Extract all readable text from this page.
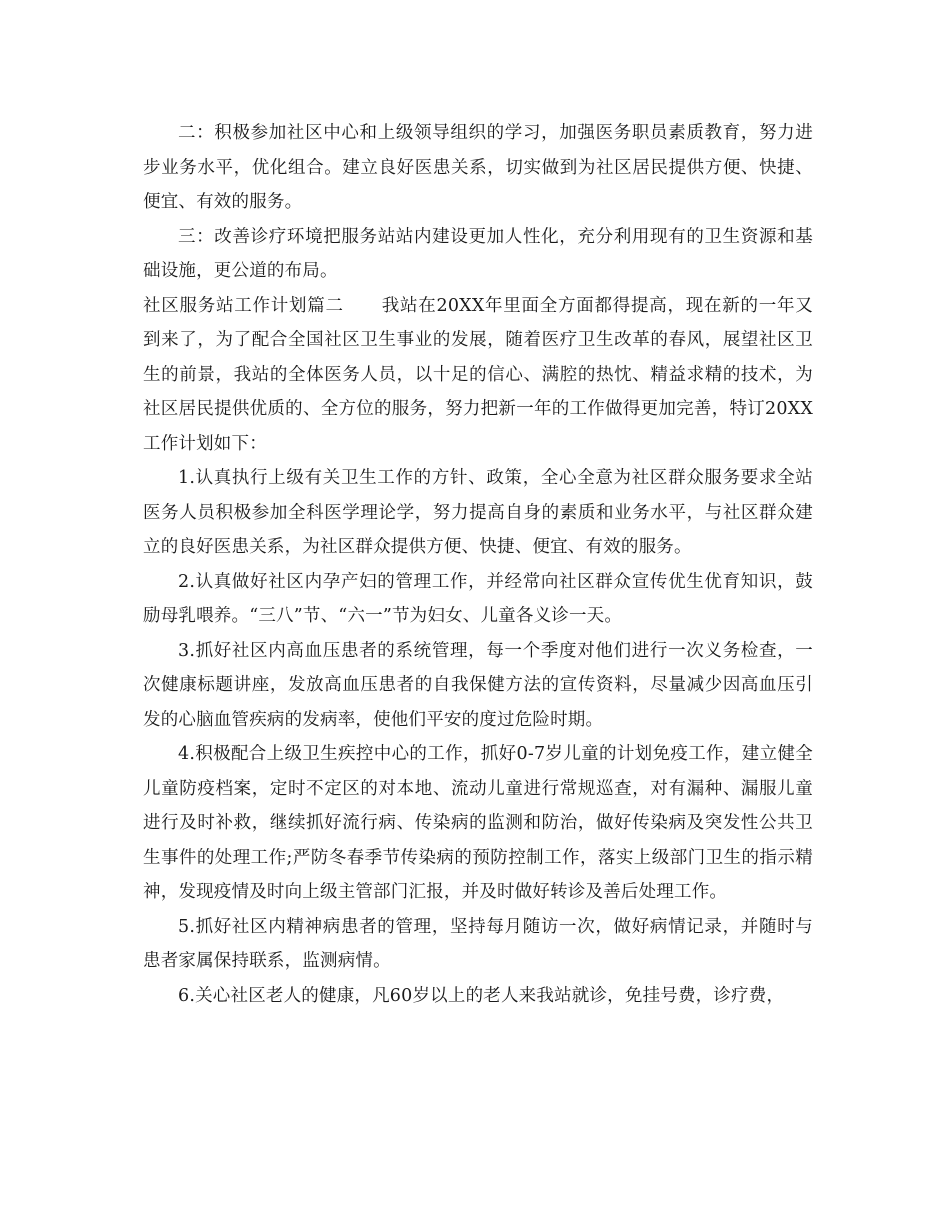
二：积极参加社区中心和上级领导组织的学习，加强医务职员素质教育，努力进步业务水平，优化组合。建立良好医患关系，切实做到为社区居民提供方便、快捷、便宜、有效的服务。

三：改善诊疗环境把服务站站内建设更加人性化，充分利用现有的卫生资源和基础设施，更公道的布局。

社区服务站工作计划篇二 我站在20XX年里面全方面都得提高，现在新的一年又到来了，为了配合全国社区卫生事业的发展，随着医疗卫生改革的春风，展望社区卫生的前景，我站的全体医务人员，以十足的信心、满腔的热忱、精益求精的技术，为社区居民提供优质的、全方位的服务，努力把新一年的工作做得更加完善，特订20XX工作计划如下：

1.认真执行上级有关卫生工作的方针、政策，全心全意为社区群众服务要求全站医务人员积极参加全科医学理论学，努力提高自身的素质和业务水平，与社区群众建立的良好医患关系，为社区群众提供方便、快捷、便宜、有效的服务。

2.认真做好社区内孕产妇的管理工作，并经常向社区群众宣传优生优育知识，鼓励母乳喂养。“三八”节、“六一”节为妇女、儿童各义诊一天。

3.抓好社区内高血压患者的系统管理，每一个季度对他们进行一次义务检查，一次健康标题讲座，发放高血压患者的自我保健方法的宣传资料，尽量减少因高血压引发的心脑血管疾病的发病率，使他们平安的度过危险时期。

4.积极配合上级卫生疾控中心的工作，抓好0-7岁儿童的计划免疫工作，建立健全儿童防疫档案，定时不定区的对本地、流动儿童进行常规巡查，对有漏种、漏服儿童进行及时补救，继续抓好流行病、传染病的监测和防治，做好传染病及突发性公共卫生事件的处理工作;严防冬春季节传染病的预防控制工作，落实上级部门卫生的指示精神，发现疫情及时向上级主管部门汇报，并及时做好转诊及善后处理工作。

5.抓好社区内精神病患者的管理，坚持每月随访一次，做好病情记录，并随时与患者家属保持联系，监测病情。

6.关心社区老人的健康，凡60岁以上的老人来我站就诊，免挂号费，诊疗费，
